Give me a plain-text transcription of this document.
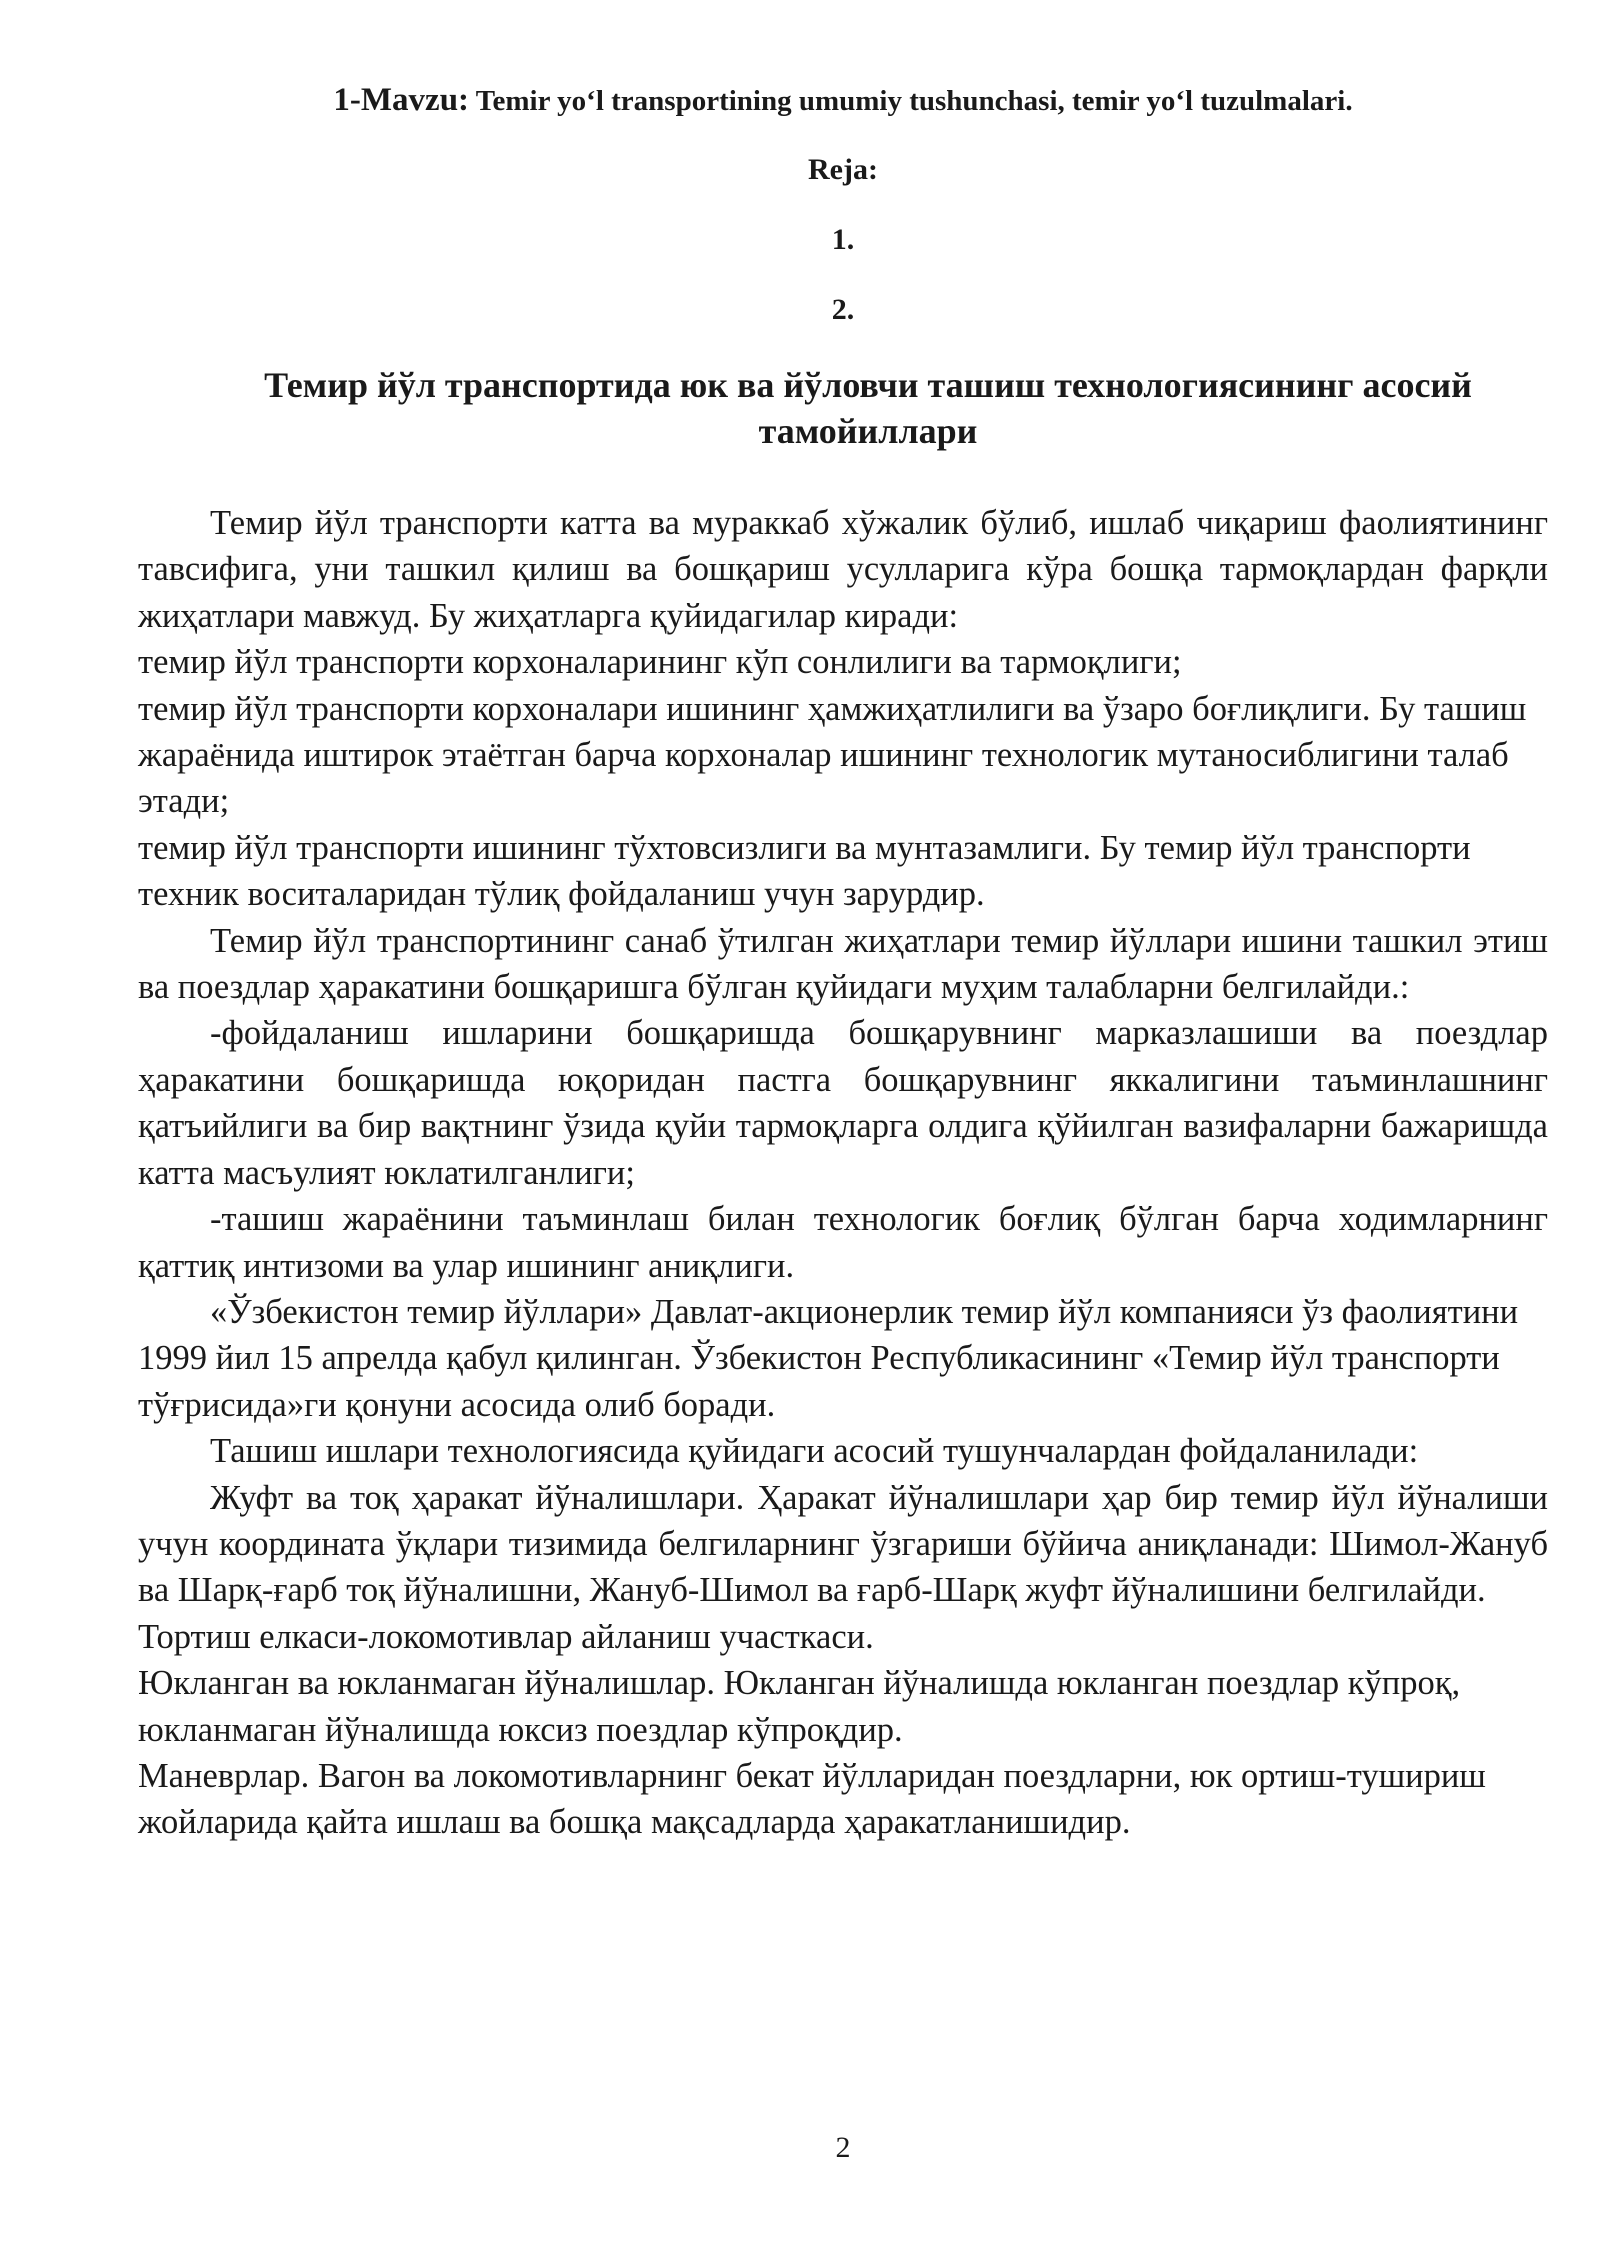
1-Mavzu: Temir yo‘l transportining umumiy tushunchasi, temir yo‘l tuzulmalari.
Reja:
1.
2.
Темир йўл транспортида юк ва йўловчи ташиш технологиясининг асосий тамойиллари

Темир йўл транспорти катта ва мураккаб хўжалик бўлиб, ишлаб чиқариш фаолиятининг тавсифига, уни ташкил қилиш ва бошқариш усулларига кўра бошқа тармоқлардан фарқли жиҳатлари мавжуд. Бу жиҳатларга қуйидагилар киради:

темир йўл транспорти корхоналарининг кўп сонлилиги ва тармоқлиги;

темир йўл транспорти корхоналари ишининг ҳамжиҳатлилиги ва ўзаро боғлиқлиги. Бу ташиш жараёнида иштирок этаётган барча корхоналар ишининг технологик мутаносиблигини талаб этади;

темир йўл транспорти ишининг тўхтовсизлиги ва мунтазамлиги. Бу темир йўл транспорти техник воситаларидан тўлиқ фойдаланиш учун зарурдир.

Темир йўл транспортининг санаб ўтилган жиҳатлари темир йўллари ишини ташкил этиш ва поездлар ҳаракатини бошқаришга бўлган қуйидаги муҳим талабларни белгилайди.:

-фойдаланиш ишларини бошқаришда бошқарувнинг марказлашиши ва поездлар ҳаракатини бошқаришда юқоридан пастга бошқарувнинг яккалигини таъминлашнинг қатъийлиги ва бир вақтнинг ўзида қуйи тармоқларга олдига қўйилган вазифаларни бажаришда катта масъулият юклатилганлиги;

-ташиш жараёнини таъминлаш билан технологик боғлиқ бўлган барча ходимларнинг қаттиқ интизоми ва улар ишининг аниқлиги.

«Ўзбекистон темир йўллари» Давлат-акционерлик темир йўл компанияси ўз фаолиятини 1999 йил 15 апрелда қабул қилинган. Ўзбекистон Республикасининг «Темир йўл транспорти тўғрисида»ги қонуни асосида олиб боради.

Ташиш ишлари технологиясида қуйидаги асосий тушунчалардан фойдаланилади:

Жуфт ва тоқ ҳаракат йўналишлари. Ҳаракат йўналишлари ҳар бир темир йўл йўналиши учун координата ўқлари тизимида белгиларнинг ўзгариши бўйича аниқланади: Шимол-Жануб ва Шарқ-ғарб тоқ йўналишни, Жануб-Шимол ва ғарб-Шарқ жуфт йўналишини белгилайди.

Тортиш елкаси-локомотивлар айланиш участкаси.

Юкланган ва юкланмаган йўналишлар. Юкланган йўналишда юкланган поездлар кўпроқ, юкланмаган йўналишда юксиз поездлар кўпроқдир.

Маневрлар. Вагон ва локомотивларнинг бекат йўлларидан поездларни, юк ортиш-тушириш жойларида қайта ишлаш ва бошқа мақсадларда ҳаракатланишидир.

2
